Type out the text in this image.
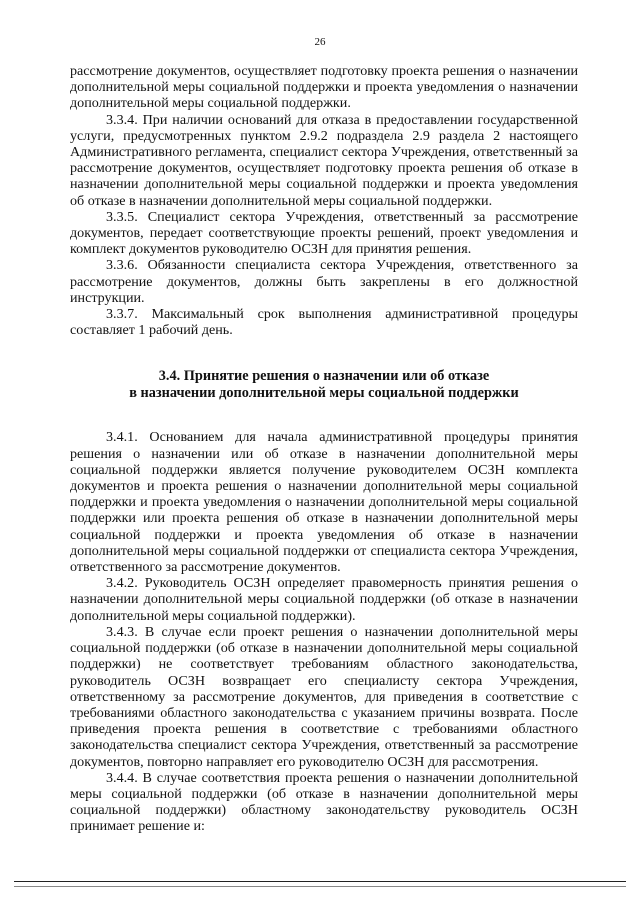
26

рассмотрение документов, осуществляет подготовку проекта решения о назначении дополнительной меры социальной поддержки и проекта уведомления о назначении дополнительной меры социальной поддержки.

3.3.4. При наличии оснований для отказа в предоставлении государственной услуги, предусмотренных пунктом 2.9.2 подраздела 2.9 раздела 2 настоящего Административного регламента, специалист сектора Учреждения, ответственный за рассмотрение документов, осуществляет подготовку проекта решения об отказе в назначении дополнительной меры социальной поддержки и проекта уведомления об отказе в назначении дополнительной меры социальной поддержки.

3.3.5. Специалист сектора Учреждения, ответственный за рассмотрение документов, передает соответствующие проекты решений, проект уведомления и комплект документов руководителю ОСЗН для принятия решения.

3.3.6. Обязанности специалиста сектора Учреждения, ответственного за рассмотрение документов, должны быть закреплены в его должностной инструкции.

3.3.7. Максимальный срок выполнения административной процедуры составляет 1 рабочий день.

3.4. Принятие решения о назначении или об отказе
в назначении дополнительной меры социальной поддержки

3.4.1. Основанием для начала административной процедуры принятия решения о назначении или об отказе в назначении дополнительной меры социальной поддержки является получение руководителем ОСЗН комплекта документов и проекта решения о назначении дополнительной меры социальной поддержки и проекта уведомления о назначении дополнительной меры социальной поддержки или проекта решения об отказе в назначении дополнительной меры социальной поддержки и проекта уведомления об отказе в назначении дополнительной меры социальной поддержки от специалиста сектора Учреждения, ответственного за рассмотрение документов.

3.4.2. Руководитель ОСЗН определяет правомерность принятия решения о назначении дополнительной меры социальной поддержки (об отказе в назначении дополнительной меры социальной поддержки).

3.4.3. В случае если проект решения о назначении дополнительной меры социальной поддержки (об отказе в назначении дополнительной меры социальной поддержки) не соответствует требованиям областного законодательства, руководитель ОСЗН возвращает его специалисту сектора Учреждения, ответственному за рассмотрение документов, для приведения в соответствие с требованиями областного законодательства с указанием причины возврата. После приведения проекта решения в соответствие с требованиями областного законодательства специалист сектора Учреждения, ответственный за рассмотрение документов, повторно направляет его руководителю ОСЗН для рассмотрения.

3.4.4. В случае соответствия проекта решения о назначении дополнительной меры социальной поддержки (об отказе в назначении дополнительной меры социальной поддержки) областному законодательству руководитель ОСЗН принимает решение и:
